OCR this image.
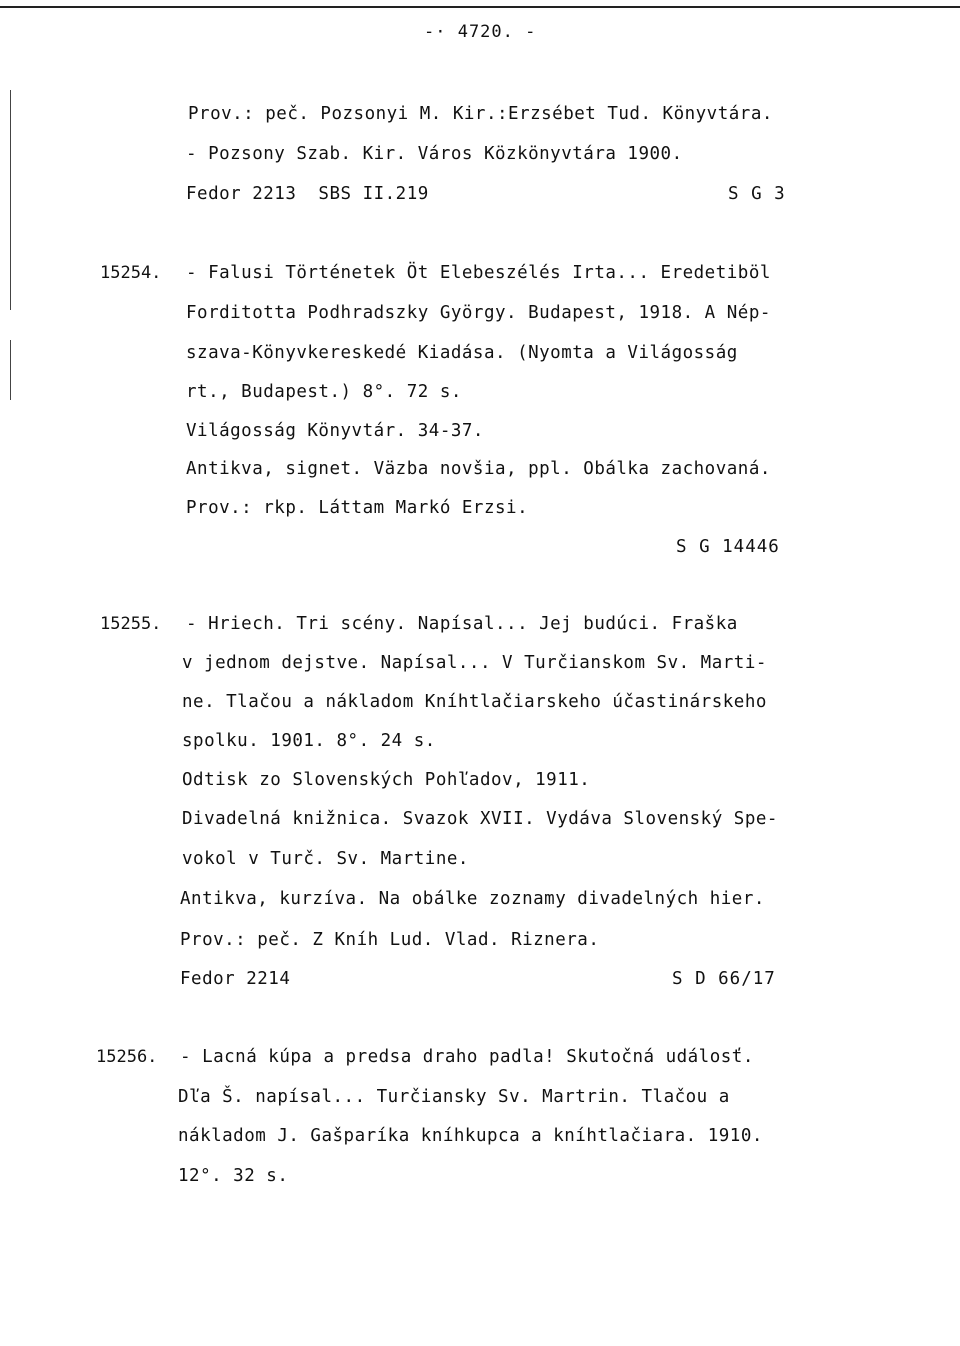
-· 4720. -
Prov.: peč. Pozsonyi M. Kir.:Erzsébet Tud. Könyvtára.
- Pozsony Szab. Kir. Város Közkönyvtára 1900.
Fedor 2213  SBS II.219	S G 3
15254. - Falusi Történetek Öt Elebeszélés Irta... Eredetiböl
Forditotta Podhradszky György. Budapest, 1918. A Nép-
szava-Könyvkereskedé Kiadása. (Nyomta a Világosság
rt., Budapest.) 8°. 72 s.
Világosság Könyvtár. 34-37.
Antikva, signet. Väzba novšia, ppl. Obálka zachovaná.
Prov.: rkp. Láttam Markó Erzsi.
S G 14446
15255. - Hriech. Tri scény. Napísal... Jej budúci. Fraška
v jednom dejstve. Napísal... V Turčianskom Sv. Marti-
ne. Tlačou a nákladom Kníhtlačiarskeho účastinárskeho
spolku. 1901. 8°. 24 s.
Odtisk zo Slovenských Pohľadov, 1911.
Divadelná knižnica. Svazok XVII. Vydáva Slovenský Spe-
vokol v Turč. Sv. Martine.
Antikva, kurzíva. Na obálke zoznamy divadelných hier.
Prov.: peč. Z Kníh Lud. Vlad. Riznera.
Fedor 2214	S D 66/17
15256. - Lacná kúpa a predsa draho padla! Skutočná událosť.
Dľa Š. napísal... Turčiansky Sv. Martrin. Tlačou a
nákladom J. Gašparíka kníhkupca a kníhtlačiara. 1910.
12°. 32 s.
